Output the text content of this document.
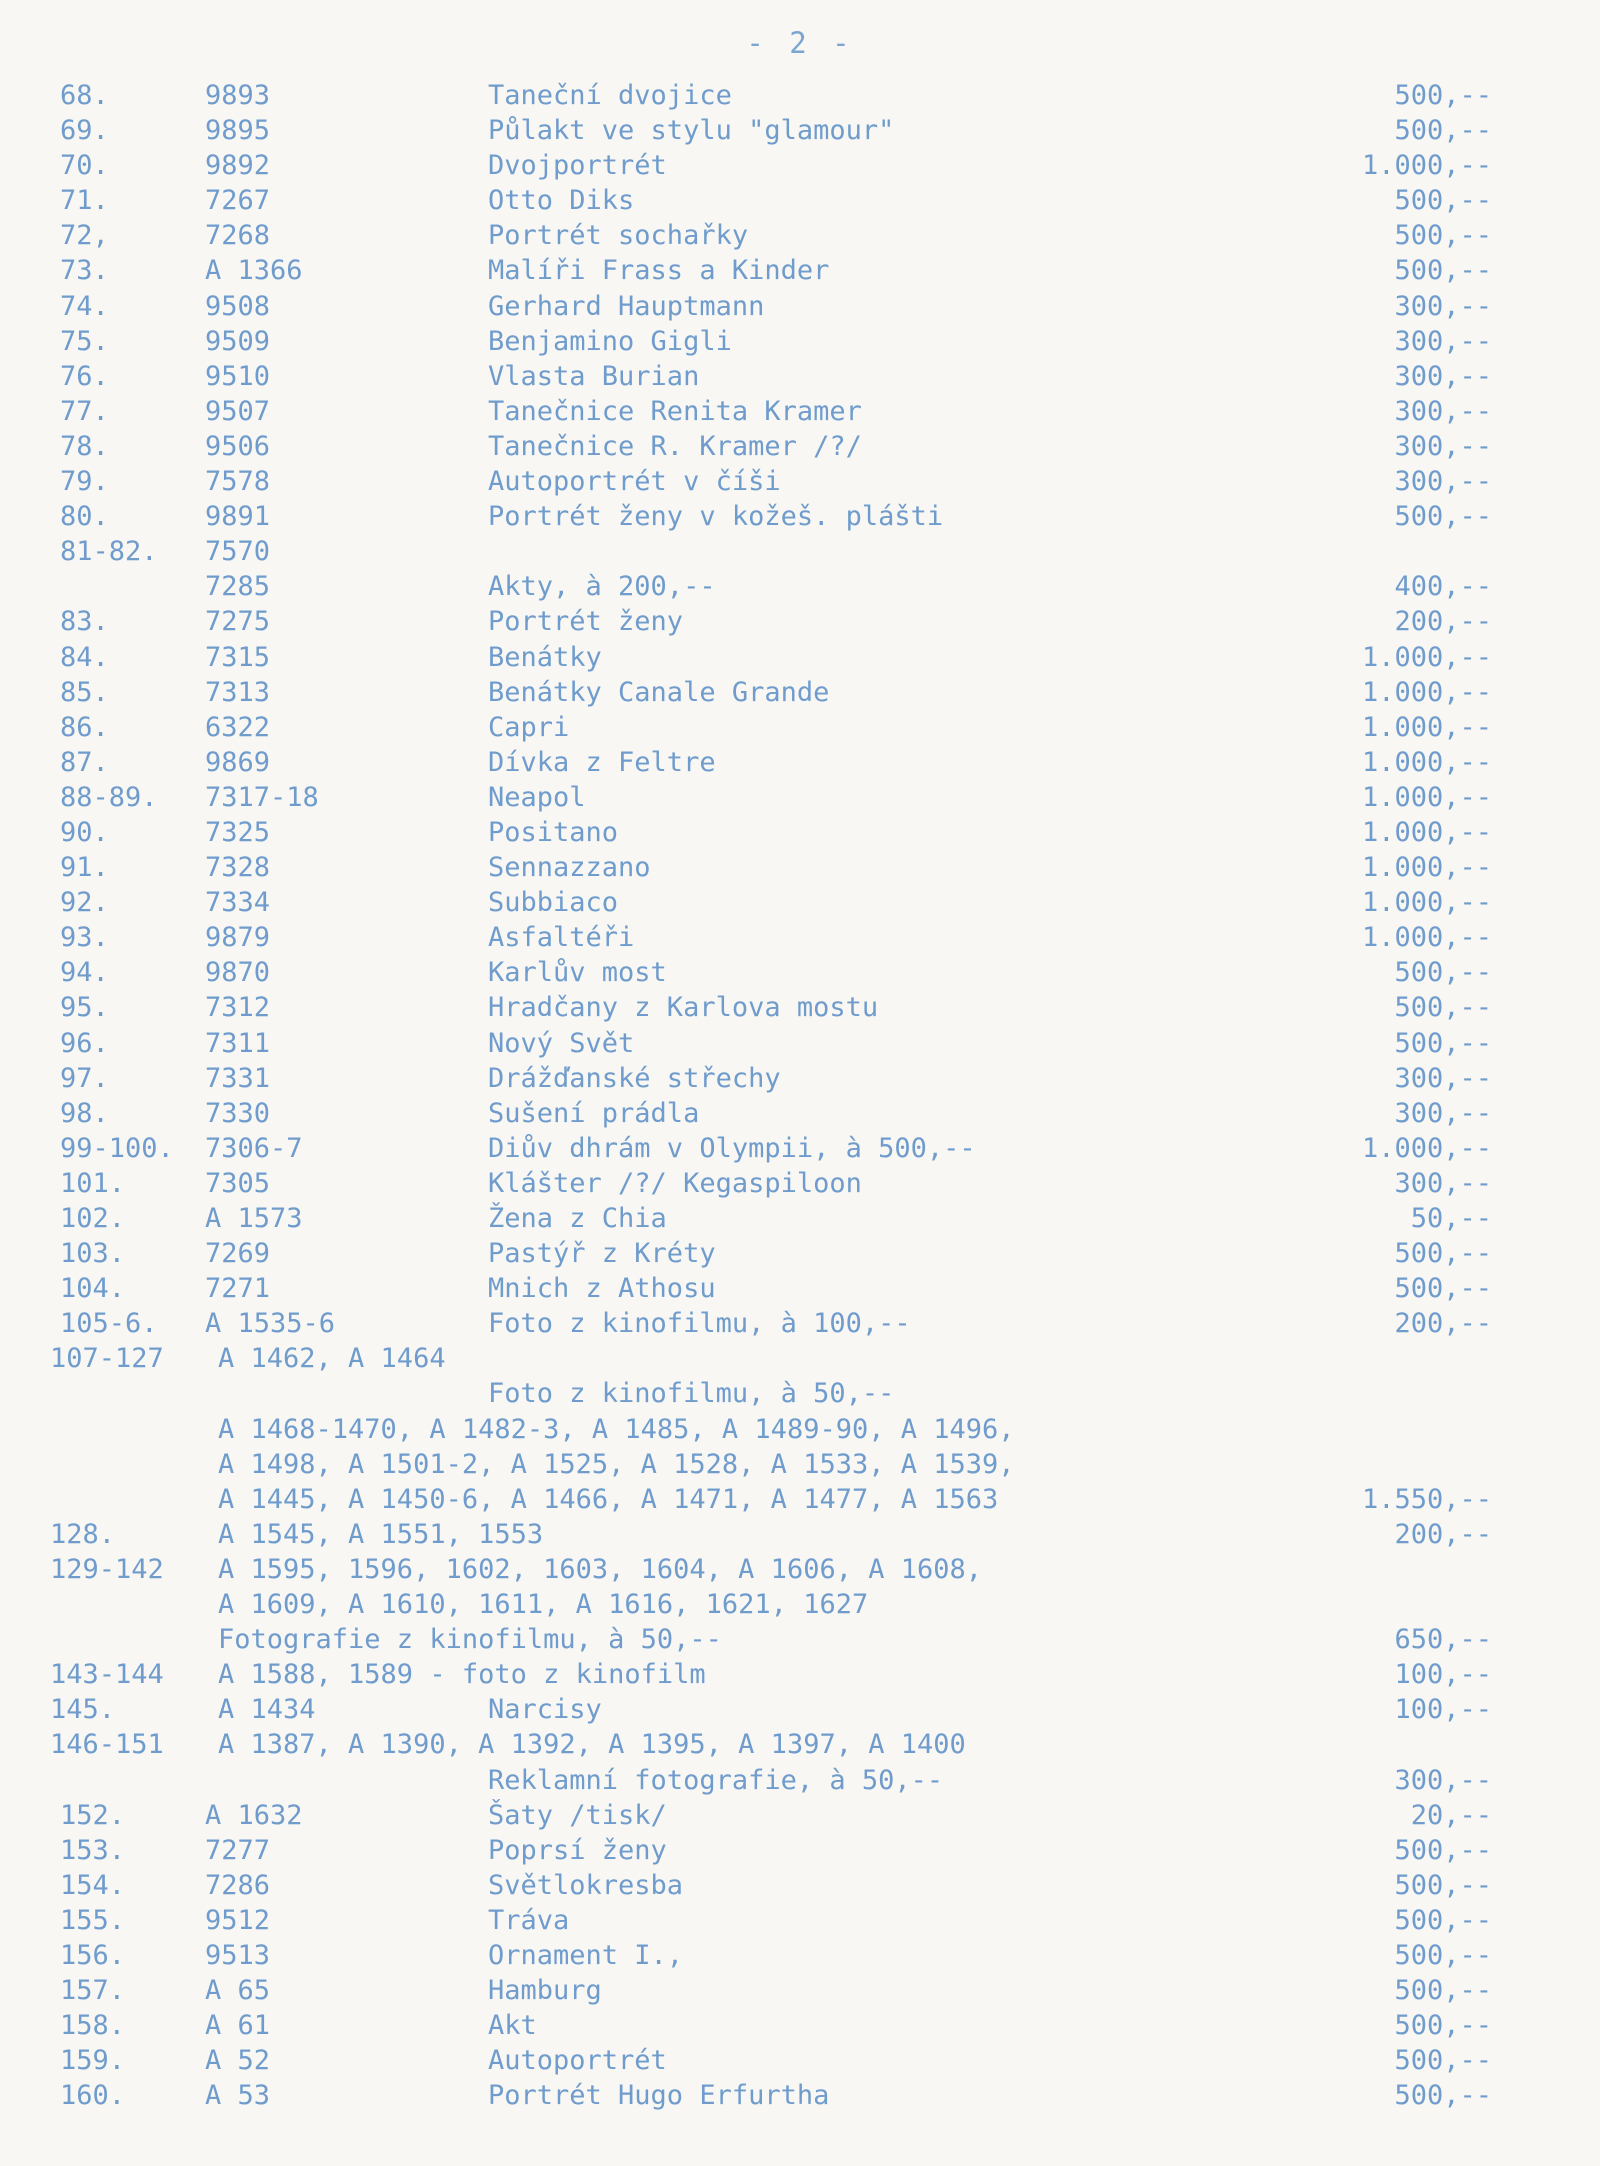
- 2 -
68.	9893	Taneční dvojice	500,--
69.	9895	Půlakt ve stylu "glamour"	500,--
70.	9892	Dvojportrét	1.000,--
71.	7267	Otto Diks	500,--
72,	7268	Portrét sochařky	500,--
73.	A 1366	Malíři Frass a Kinder	500,--
74.	9508	Gerhard Hauptmann	300,--
75.	9509	Benjamino Gigli	300,--
76.	9510	Vlasta Burian	300,--
77.	9507	Tanečnice Renita Kramer	300,--
78.	9506	Tanečnice R. Kramer /?/	300,--
79.	7578	Autoportrét v číši	300,--
80.	9891	Portrét ženy v kožeš. plášti	500,--
81-82. 7570
7285	Akty, à 200,--	400,--
83.	7275	Portrét ženy	200,--
84.	7315	Benátky	1.000,--
85.	7313	Benátky Canale Grande	1.000,--
86.	6322	Capri	1.000,--
87.	9869	Dívka z Feltre	1.000,--
88-89. 7317-18	Neapol	1.000,--
90.	7325	Positano	1.000,--
91.	7328	Sennazzano	1.000,--
92.	7334	Subbiaco	1.000,--
93.	9879	Asfaltéři	1.000,--
94.	9870	Karlův most	500,--
95.	7312	Hradčany z Karlova mostu	500,--
96.	7311	Nový Svět	500,--
97.	7331	Drážďanské střechy	300,--
98.	7330	Sušení prádla	300,--
99-100. 7306-7	Diův dhrám v Olympii, à 500,--	1.000,--
101.	7305	Klášter /?/ Kegaspiloon	300,--
102.	A 1573	Žena z Chia	50,--
103.	7269	Pastýř z Kréty	500,--
104.	7271	Mnich z Athosu	500,--
105-6. A 1535-6	Foto z kinofilmu, à 100,--	200,--
107-127 A 1462, A 1464
Foto z kinofilmu, à 50,--
A 1468-1470, A 1482-3, A 1485, A 1489-90, A 1496,
A 1498, A 1501-2, A 1525, A 1528, A 1533, A 1539,
A 1445, A 1450-6, A 1466, A 1471, A 1477, A 1563	1.550,--
128.	A 1545, A 1551, 1553	200,--
129-142 A 1595, 1596, 1602, 1603, 1604, A 1606, A 1608,
A 1609, A 1610, 1611, A 1616, 1621, 1627
Fotografie z kinofilmu, à 50,--	650,--
143-144 A 1588, 1589 - foto z kinofilm	100,--
145.	A 1434	Narcisy	100,--
146-151 A 1387, A 1390, A 1392, A 1395, A 1397, A 1400
Reklamní fotografie, à 50,--	300,--
152.	A 1632	Šaty /tisk/	20,--
153.	7277	Poprsí ženy	500,--
154.	7286	Světlokresba	500,--
155.	9512	Tráva	500,--
156.	9513	Ornament I.,	500,--
157.	A 65	Hamburg	500,--
158.	A 61	Akt	500,--
159.	A 52	Autoportrét	500,--
160.	A 53	Portrét Hugo Erfurtha	500,--
